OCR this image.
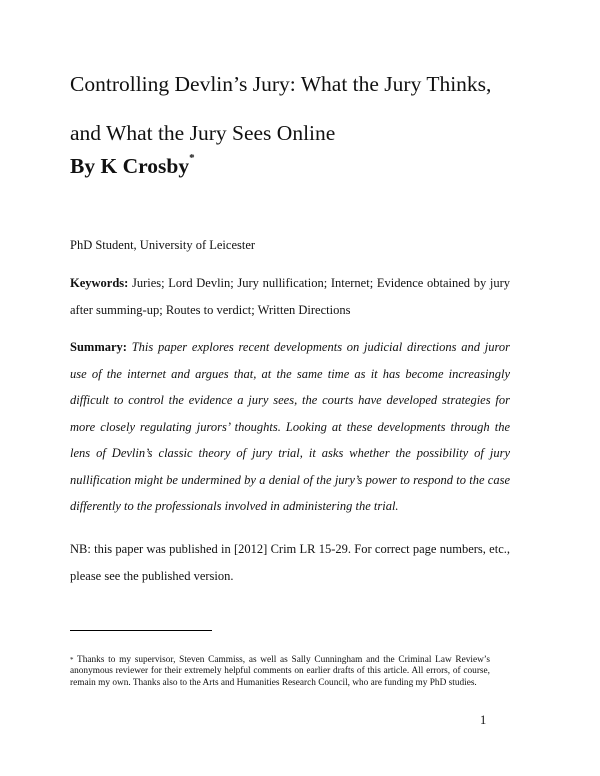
Controlling Devlin’s Jury: What the Jury Thinks,
and What the Jury Sees Online
By K Crosby*
PhD Student, University of Leicester

Keywords: Juries; Lord Devlin; Jury nullification; Internet; Evidence obtained by jury after summing-up; Routes to verdict; Written Directions

Summary: This paper explores recent developments on judicial directions and juror use of the internet and argues that, at the same time as it has become increasingly difficult to control the evidence a jury sees, the courts have developed strategies for more closely regulating jurors’ thoughts. Looking at these developments through the lens of Devlin’s classic theory of jury trial, it asks whether the possibility of jury nullification might be undermined by a denial of the jury’s power to respond to the case differently to the professionals involved in administering the trial.

NB: this paper was published in [2012] Crim LR 15-29. For correct page numbers, etc., please see the published version.

* Thanks to my supervisor, Steven Cammiss, as well as Sally Cunningham and the Criminal Law Review’s anonymous reviewer for their extremely helpful comments on earlier drafts of this article. All errors, of course, remain my own. Thanks also to the Arts and Humanities Research Council, who are funding my PhD studies.

1
